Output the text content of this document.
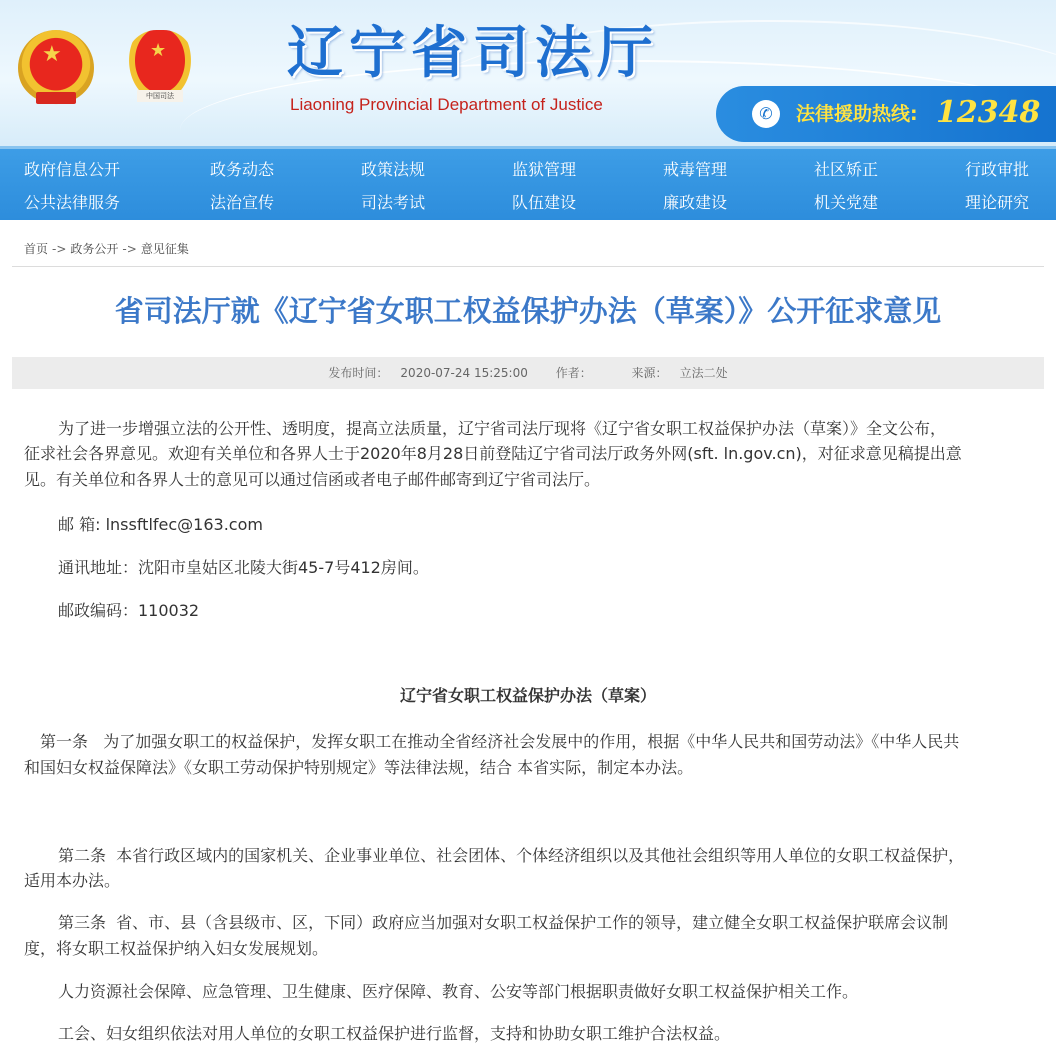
★	★
中国司法
辽宁省司法厅
Liaoning Provincial Department of Justice	✆	法律援助热线: 12348
政府信息公开	政务动态	政策法规	监狱管理	戒毒管理	社区矫正	行政审批
公共法律服务	法治宣传	司法考试	队伍建设	廉政建设	机关党建	理论研究
首页 -> 政务公开 -> 意见征集
省司法厅就《辽宁省女职工权益保护办法（草案）》公开征求意见
发布时间： 2020-07-24 15:25:00 作者：	来源： 立法二处
为了进一步增强立法的公开性、透明度，提高立法质量，辽宁省司法厅现将《辽宁省女职工权益保护办法（草案）》全文公布，
征求社会各界意见。欢迎有关单位和各界人士于2020年8月28日前登陆辽宁省司法厅政务外网(sft. ln.gov.cn)，对征求意见稿提出意
见。有关单位和各界人士的意见可以通过信函或者电子邮件邮寄到辽宁省司法厅。
邮 箱: lnssftlfec@163.com
通讯地址：沈阳市皇姑区北陵大街45-7号412房间。
邮政编码：110032
辽宁省女职工权益保护办法（草案）
第一条   为了加强女职工的权益保护，发挥女职工在推动全省经济社会发展中的作用，根据《中华人民共和国劳动法》《中华人民共
和国妇女权益保障法》《女职工劳动保护特别规定》等法律法规，结合 本省实际，制定本办法。
第二条  本省行政区域内的国家机关、企业事业单位、社会团体、个体经济组织以及其他社会组织等用人单位的女职工权益保护，
适用本办法。
第三条  省、市、县（含县级市、区，下同）政府应当加强对女职工权益保护工作的领导，建立健全女职工权益保护联席会议制
度，将女职工权益保护纳入妇女发展规划。
人力资源社会保障、应急管理、卫生健康、医疗保障、教育、公安等部门根据职责做好女职工权益保护相关工作。
工会、妇女组织依法对用人单位的女职工权益保护进行监督，支持和协助女职工维护合法权益。
